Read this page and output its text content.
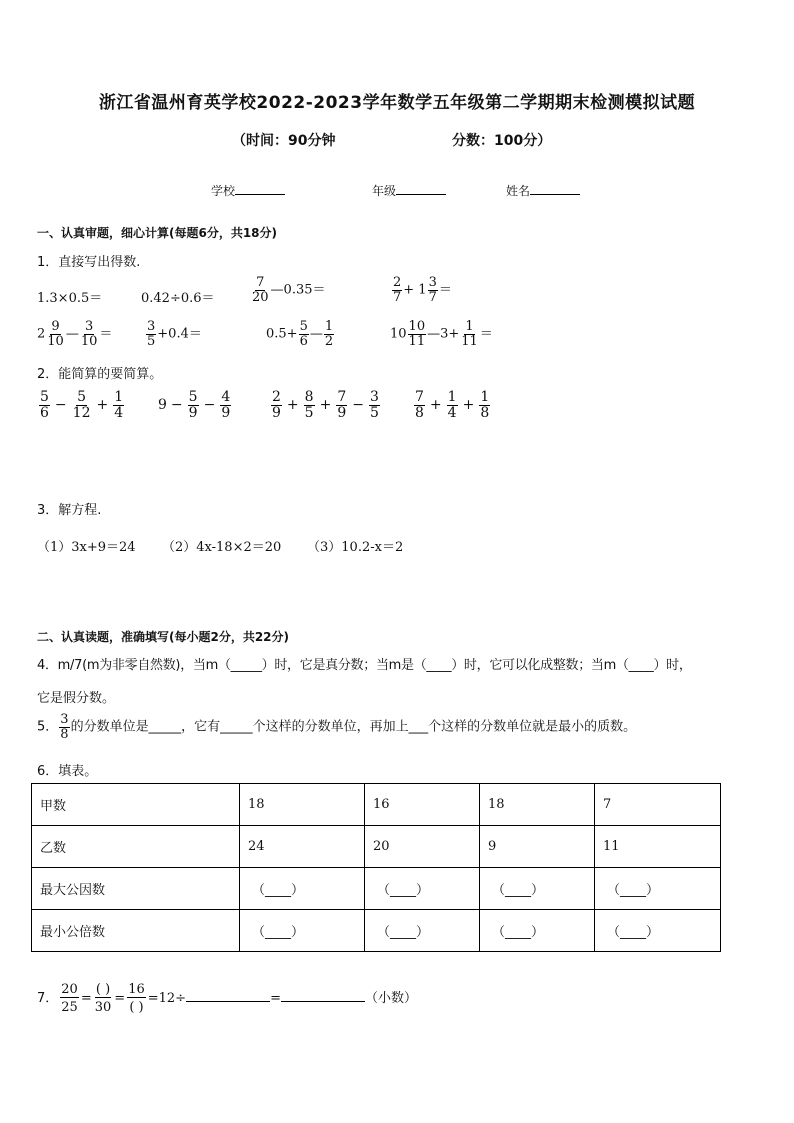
浙江省温州育英学校2022-2023学年数学五年级第二学期期末检测模拟试题
（时间：90分钟	分数：100分）
学校	年级	姓名
一、认真审题，细心计算(每题6分，共18分)
1．直接写出得数.
1.3×0.5＝	0.42÷0.6＝	$\frac{7}{20}$ —0.35＝	$\frac{2}{7} + 1 \frac{3}{7}$ ＝
$2 \frac{9}{10}$ — $\frac{3}{10}$ ＝	$\frac{3}{5} +0.4=$	$0.5+ \frac{5}{6}$ — $\frac{1}{2}$	$10 \frac{10}{11}$ —3+ $\frac{1}{11}$ ＝
2．能简算的要简算。
$\frac{5}{6} - \frac{5}{12} + \frac{1}{4} 9 - \frac{5}{9} - \frac{4}{9}$	$\frac{2}{9} + \frac{8}{5} + \frac{7}{9} - \frac{3}{5} \frac{7}{8} + \frac{1}{4} + \frac{1}{8}$
3．解方程.
（1）3x+9＝24 （2）4x-18×2＝20 （3）10.2-x＝2
二、认真读题，准确填写(每小题2分，共22分)
4．m/7(m为非零自然数)，当m（_____）时，它是真分数；当m是（____）时，它可以化成整数；当m（____）时，
它是假分数。
5． $\frac{3}{8}$ 的分数单位是_____，它有_____个这样的分数单位，再加上___个这样的分数单位就是最小的质数。
6．填表。
甲数	18	16	18	7
乙数	24	20	9	11
最大公因数	（____）	（____）	（____）	（____）
最小公倍数	（____）	（____）	（____）	（____）
7． $\frac{20}{25} = \frac{( )}{30} = \frac{16}{( )} =12\div$	=	（小数）
